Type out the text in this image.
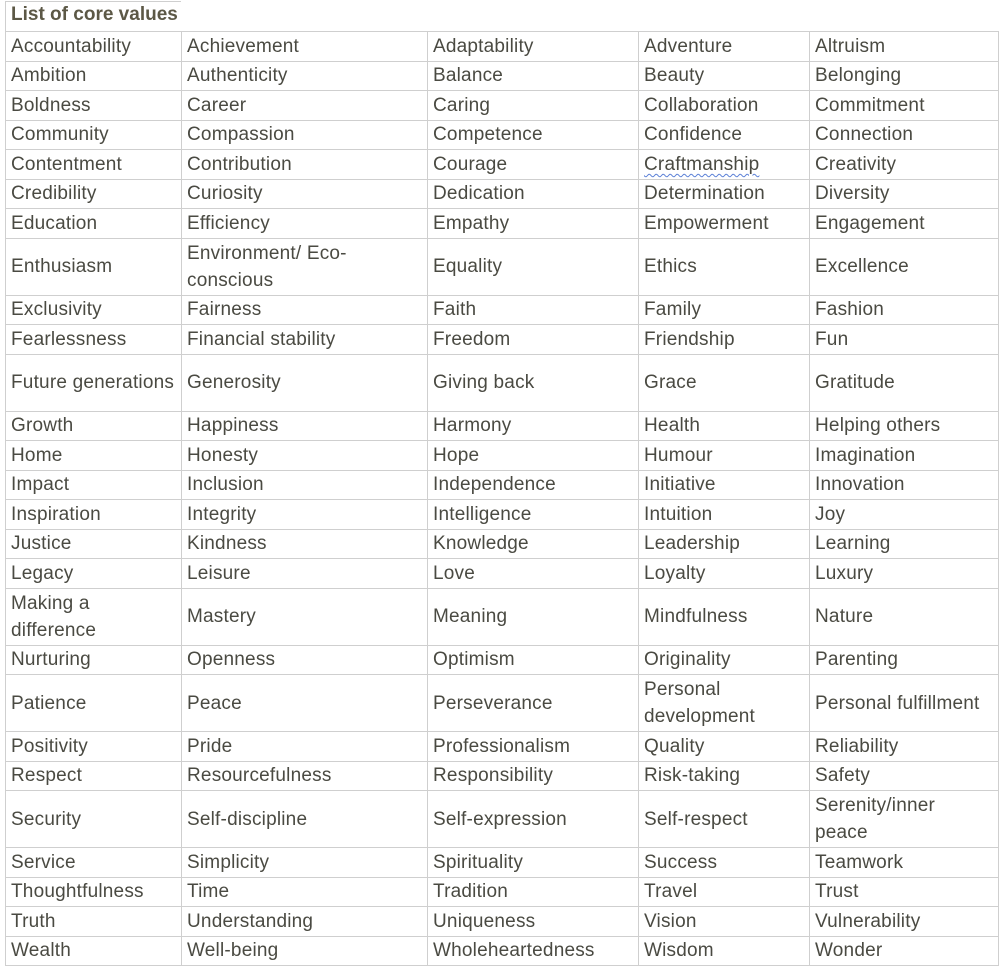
List of core values
Accountability	Achievement	Adaptability	Adventure	Altruism
Ambition	Authenticity	Balance	Beauty	Belonging
Boldness	Career	Caring	Collaboration	Commitment
Community	Compassion	Competence	Confidence	Connection
Contentment	Contribution	Courage	Craftmanship	Creativity
Credibility	Curiosity	Dedication	Determination	Diversity
Education	Efficiency	Empathy	Empowerment	Engagement
Enthusiasm	Environment/ Eco-conscious	Equality	Ethics	Excellence
Exclusivity	Fairness	Faith	Family	Fashion
Fearlessness	Financial stability	Freedom	Friendship	Fun
Future generations	Generosity	Giving back	Grace	Gratitude
Growth	Happiness	Harmony	Health	Helping others
Home	Honesty	Hope	Humour	Imagination
Impact	Inclusion	Independence	Initiative	Innovation
Inspiration	Integrity	Intelligence	Intuition	Joy
Justice	Kindness	Knowledge	Leadership	Learning
Legacy	Leisure	Love	Loyalty	Luxury
Making a difference	Mastery	Meaning	Mindfulness	Nature
Nurturing	Openness	Optimism	Originality	Parenting
Patience	Peace	Perseverance	Personal development	Personal fulfillment
Positivity	Pride	Professionalism	Quality	Reliability
Respect	Resourcefulness	Responsibility	Risk-taking	Safety
Security	Self-discipline	Self-expression	Self-respect	Serenity/inner peace
Service	Simplicity	Spirituality	Success	Teamwork
Thoughtfulness	Time	Tradition	Travel	Trust
Truth	Understanding	Uniqueness	Vision	Vulnerability
Wealth	Well-being	Wholeheartedness	Wisdom	Wonder
